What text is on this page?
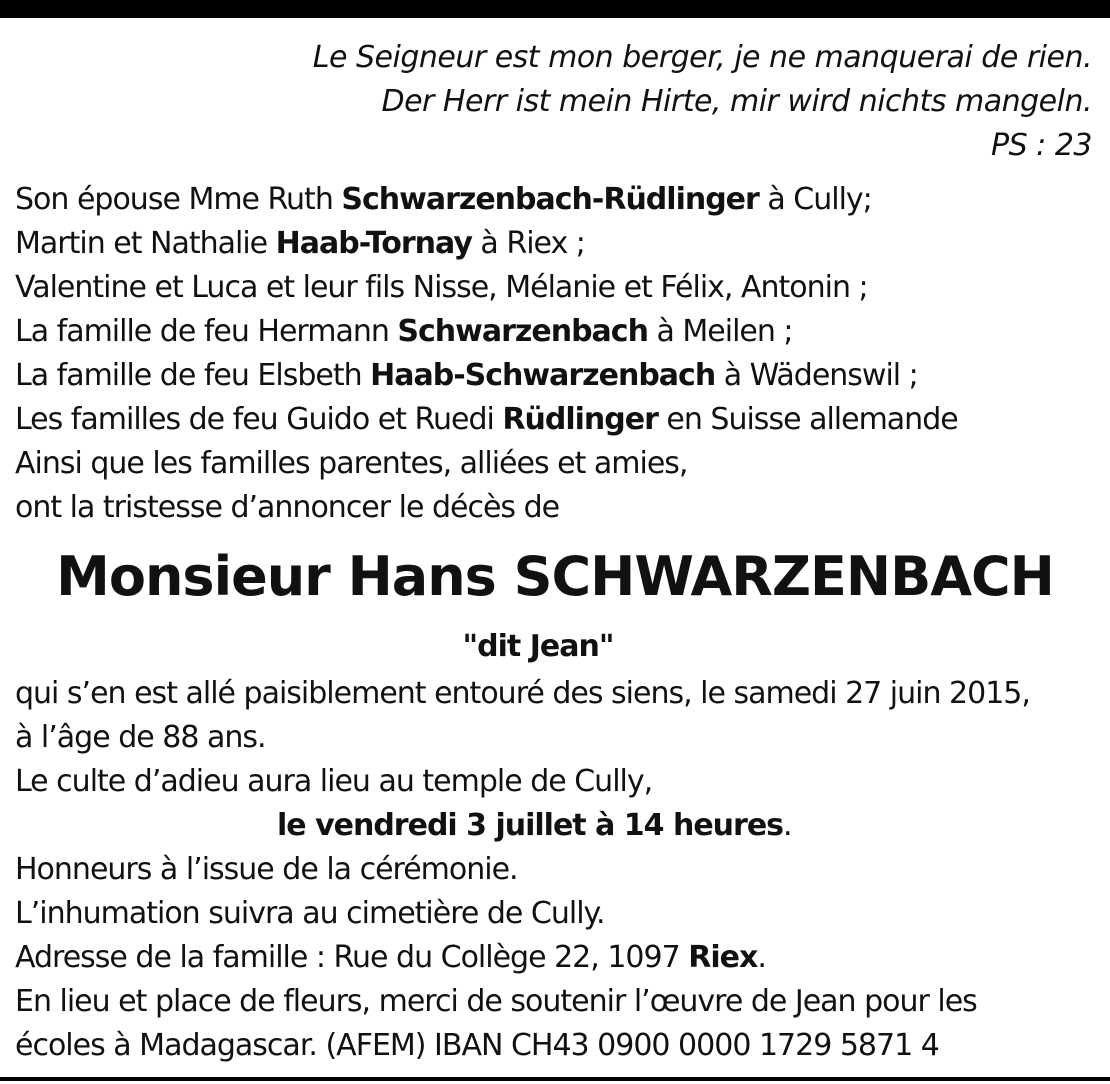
Le Seigneur est mon berger, je ne manquerai de rien.
Der Herr ist mein Hirte, mir wird nichts mangeln.
PS : 23
Son épouse Mme Ruth Schwarzenbach-Rüdlinger à Cully;
Martin et Nathalie Haab-Tornay à Riex ;
Valentine et Luca et leur fils Nisse, Mélanie et Félix, Antonin ;
La famille de feu Hermann Schwarzenbach à Meilen ;
La famille de feu Elsbeth Haab-Schwarzenbach à Wädenswil ;
Les familles de feu Guido et Ruedi Rüdlinger en Suisse allemande
Ainsi que les familles parentes, alliées et amies,
ont la tristesse d’annoncer le décès de
Monsieur Hans SCHWARZENBACH
"dit Jean"
qui s’en est allé paisiblement entouré des siens, le samedi 27 juin 2015,
à l’âge de 88 ans.
Le culte d’adieu aura lieu au temple de Cully,
le vendredi 3 juillet à 14 heures.
Honneurs à l’issue de la cérémonie.
L’inhumation suivra au cimetière de Cully.
Adresse de la famille : Rue du Collège 22, 1097 Riex.
En lieu et place de fleurs, merci de soutenir l’œuvre de Jean pour les
écoles à Madagascar. (AFEM) IBAN CH43 0900 0000 1729 5871 4
